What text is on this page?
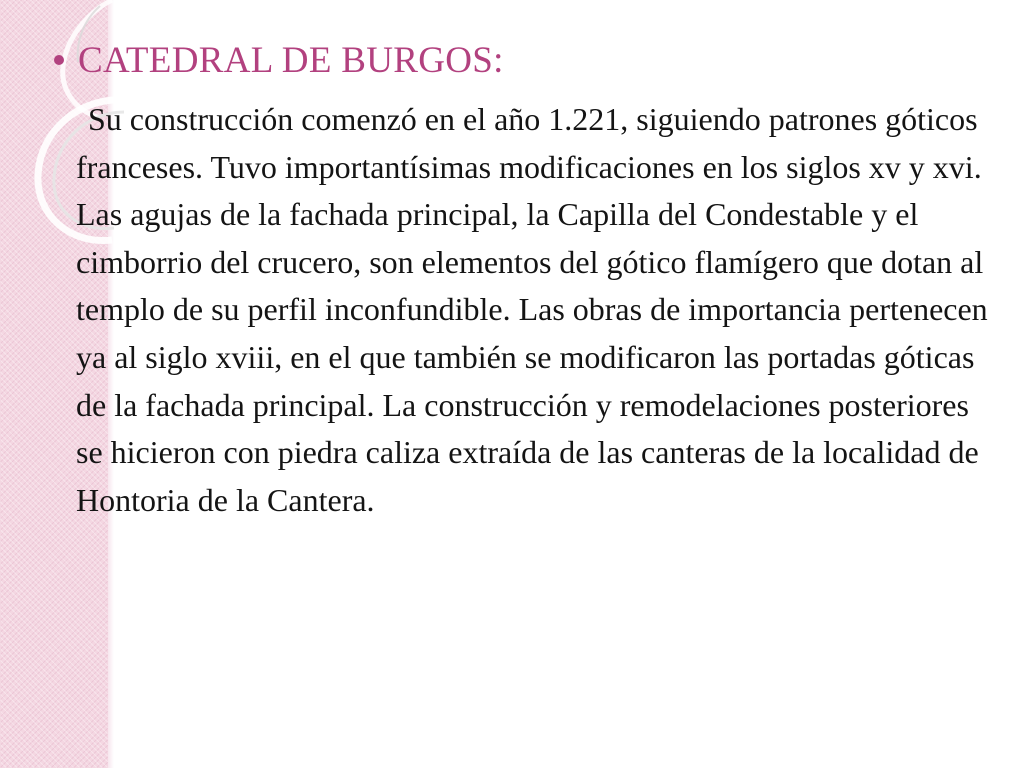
CATEDRAL DE BURGOS:

Su construcción comenzó en el año 1.221, siguiendo patrones góticos franceses. Tuvo importantísimas modificaciones en los siglos xv y xvi. Las agujas de la fachada principal, la Capilla del Condestable y el cimborrio del crucero, son elementos del gótico flamígero que dotan al templo de su perfil inconfundible. Las obras de importancia pertenecen ya al siglo xviii, en el que también se modificaron las portadas góticas de la fachada principal. La construcción y remodelaciones posteriores se hicieron con piedra caliza extraída de las canteras de la localidad de Hontoria de la Cantera.
